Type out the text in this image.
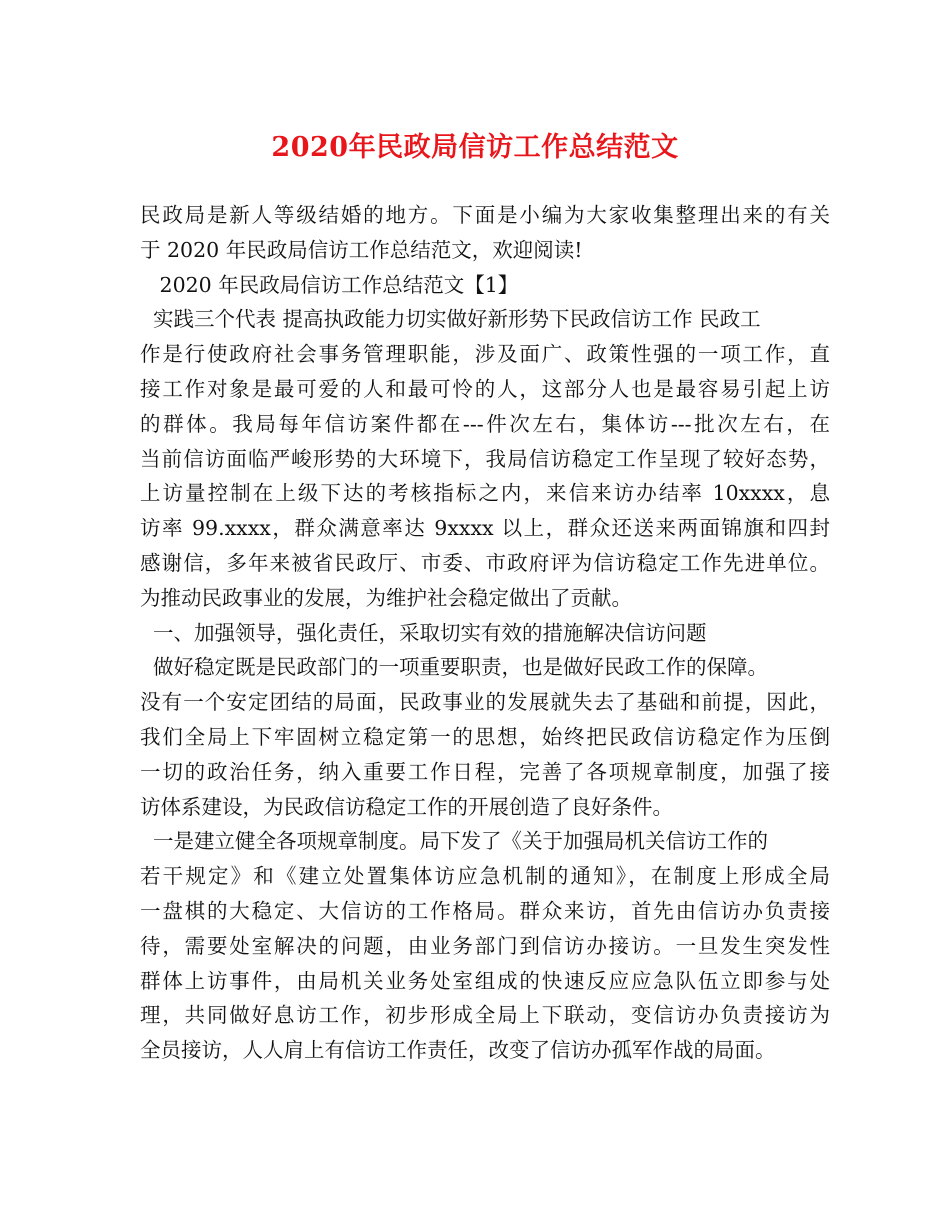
2020年民政局信访工作总结范文
民政局是新人等级结婚的地方。下面是小编为大家收集整理出来的有关
于 2020 年民政局信访工作总结范文，欢迎阅读!
2020 年民政局信访工作总结范文【1】
实践三个代表 提高执政能力切实做好新形势下民政信访工作 民政工
作是行使政府社会事务管理职能，涉及面广、政策性强的一项工作，直
接工作对象是最可爱的人和最可怜的人，这部分人也是最容易引起上访
的群体。我局每年信访案件都在---件次左右，集体访---批次左右，在
当前信访面临严峻形势的大环境下，我局信访稳定工作呈现了较好态势，
上访量控制在上级下达的考核指标之内，来信来访办结率 10xxxx，息
访率 99.xxxx，群众满意率达 9xxxx 以上，群众还送来两面锦旗和四封
感谢信，多年来被省民政厅、市委、市政府评为信访稳定工作先进单位。
为推动民政事业的发展，为维护社会稳定做出了贡献。
一、加强领导，强化责任，采取切实有效的措施解决信访问题
做好稳定既是民政部门的一项重要职责，也是做好民政工作的保障。
没有一个安定团结的局面，民政事业的发展就失去了基础和前提，因此，
我们全局上下牢固树立稳定第一的思想，始终把民政信访稳定作为压倒
一切的政治任务，纳入重要工作日程，完善了各项规章制度，加强了接
访体系建设，为民政信访稳定工作的开展创造了良好条件。
一是建立健全各项规章制度。局下发了《关于加强局机关信访工作的
若干规定》和《建立处置集体访应急机制的通知》，在制度上形成全局
一盘棋的大稳定、大信访的工作格局。群众来访，首先由信访办负责接
待，需要处室解决的问题，由业务部门到信访办接访。一旦发生突发性
群体上访事件，由局机关业务处室组成的快速反应应急队伍立即参与处
理，共同做好息访工作，初步形成全局上下联动，变信访办负责接访为
全员接访，人人肩上有信访工作责任，改变了信访办孤军作战的局面。
